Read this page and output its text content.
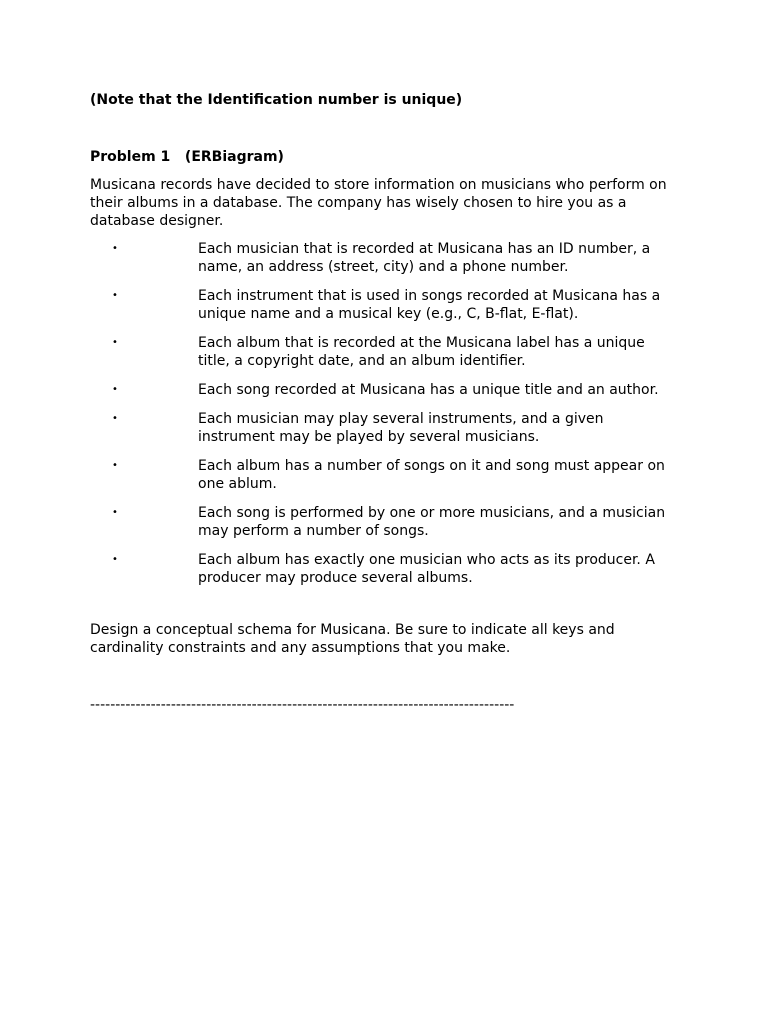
(Note that the Identification number is unique)
Problem 1   (ERBiagram)

Musicana records have decided to store information on musicians who perform on their albums in a database. The company has wisely chosen to hire you as a database designer.

•	Each musician that is recorded at Musicana has an ID number, a name, an address (street, city) and a phone number.
•	Each instrument that is used in songs recorded at Musicana has a unique name and a musical key (e.g., C, B-flat, E-flat).
•	Each album that is recorded at the Musicana label has a unique title, a copyright date, and an album identifier.
•	Each song recorded at Musicana has a unique title and an author.
•	Each musician may play several instruments, and a given instrument may be played by several musicians.
•	Each album has a number of songs on it and song must appear on one ablum.
•	Each song is performed by one or more musicians, and a musician may perform a number of songs.
•	Each album has exactly one musician who acts as its producer. A producer may produce several albums.

Design a conceptual schema for Musicana. Be sure to indicate all keys and cardinality constraints and any assumptions that you make.

------------------------------------------------------------------------------------
